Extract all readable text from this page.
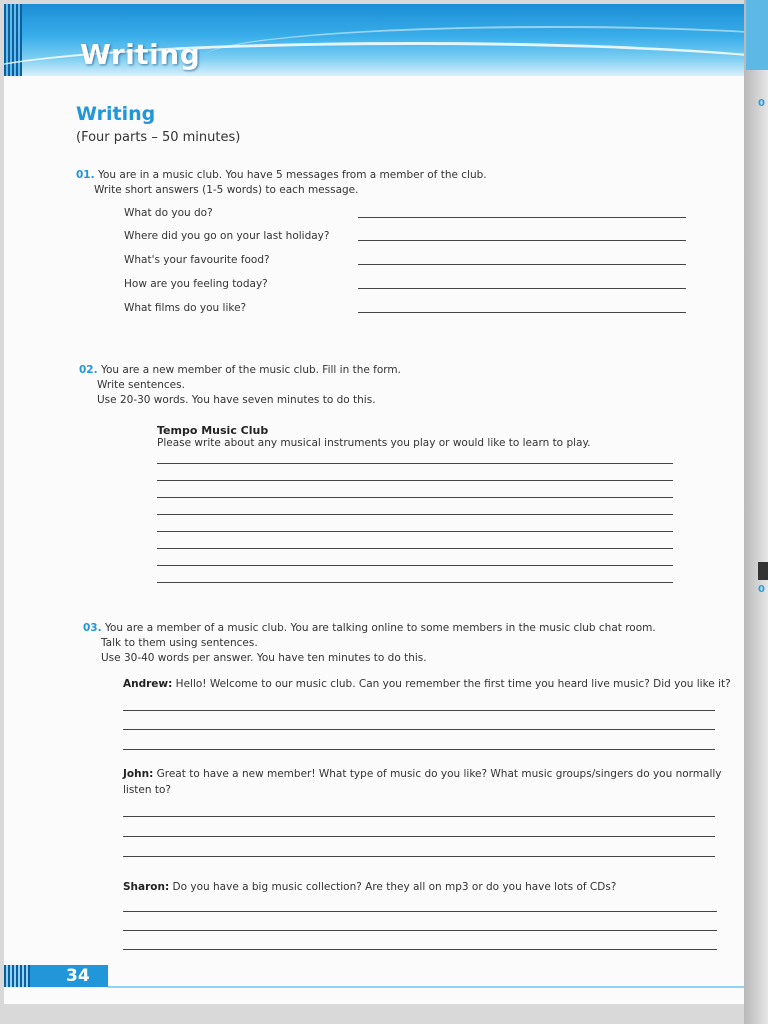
Writing
Writing
(Four parts – 50 minutes)
01. You are in a music club. You have 5 messages from a member of the club.
Write short answers (1-5 words) to each message.
What do you do?
Where did you go on your last holiday?
What's your favourite food?
How are you feeling today?
What films do you like?
02. You are a new member of the music club. Fill in the form.
Write sentences.
Use 20-30 words. You have seven minutes to do this.
Tempo Music Club
Please write about any musical instruments you play or would like to learn to play.
03. You are a member of a music club. You are talking online to some members in the music club chat room.
Talk to them using sentences.
Use 30-40 words per answer. You have ten minutes to do this.
Andrew: Hello! Welcome to our music club. Can you remember the first time you heard live music? Did you like it?
John: Great to have a new member! What type of music do you like? What music groups/singers do you normally listen to?
Sharon: Do you have a big music collection? Are they all on mp3 or do you have lots of CDs?
34
0
0
